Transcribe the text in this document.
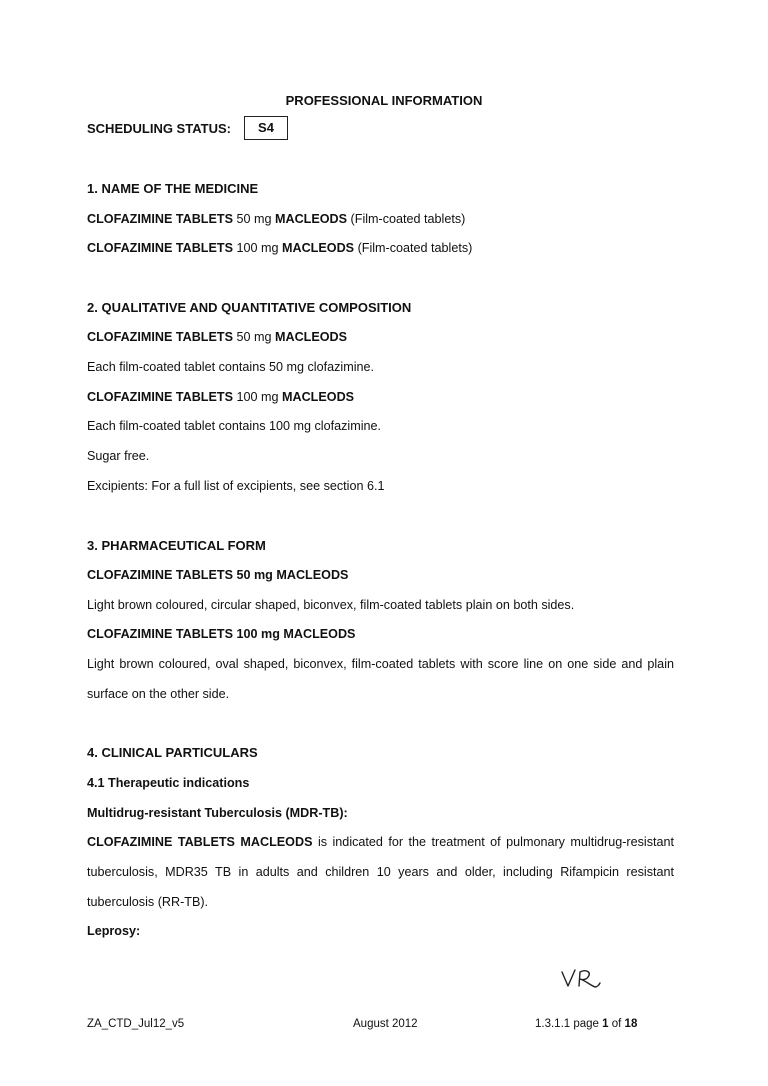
PROFESSIONAL INFORMATION
SCHEDULING STATUS:	S4
1. NAME OF THE MEDICINE
CLOFAZIMINE TABLETS 50 mg MACLEODS (Film-coated tablets)
CLOFAZIMINE TABLETS 100 mg MACLEODS (Film-coated tablets)
2. QUALITATIVE AND QUANTITATIVE COMPOSITION
CLOFAZIMINE TABLETS 50 mg MACLEODS
Each film-coated tablet contains 50 mg clofazimine.
CLOFAZIMINE TABLETS 100 mg MACLEODS
Each film-coated tablet contains 100 mg clofazimine.
Sugar free.
Excipients: For a full list of excipients, see section 6.1
3. PHARMACEUTICAL FORM
CLOFAZIMINE TABLETS 50 mg MACLEODS
Light brown coloured, circular shaped, biconvex, film-coated tablets plain on both sides.
CLOFAZIMINE TABLETS 100 mg MACLEODS
Light brown coloured, oval shaped, biconvex, film-coated tablets with score line on one side and plain surface on the other side.
4. CLINICAL PARTICULARS
4.1 Therapeutic indications
Multidrug-resistant Tuberculosis (MDR-TB):
CLOFAZIMINE TABLETS MACLEODS is indicated for the treatment of pulmonary multidrug-resistant tuberculosis, MDR35 TB in adults and children 10 years and older, including Rifampicin resistant tuberculosis (RR-TB).
Leprosy:
ZA_CTD_Jul12_v5	August 2012	1.3.1.1 page 1 of 18
